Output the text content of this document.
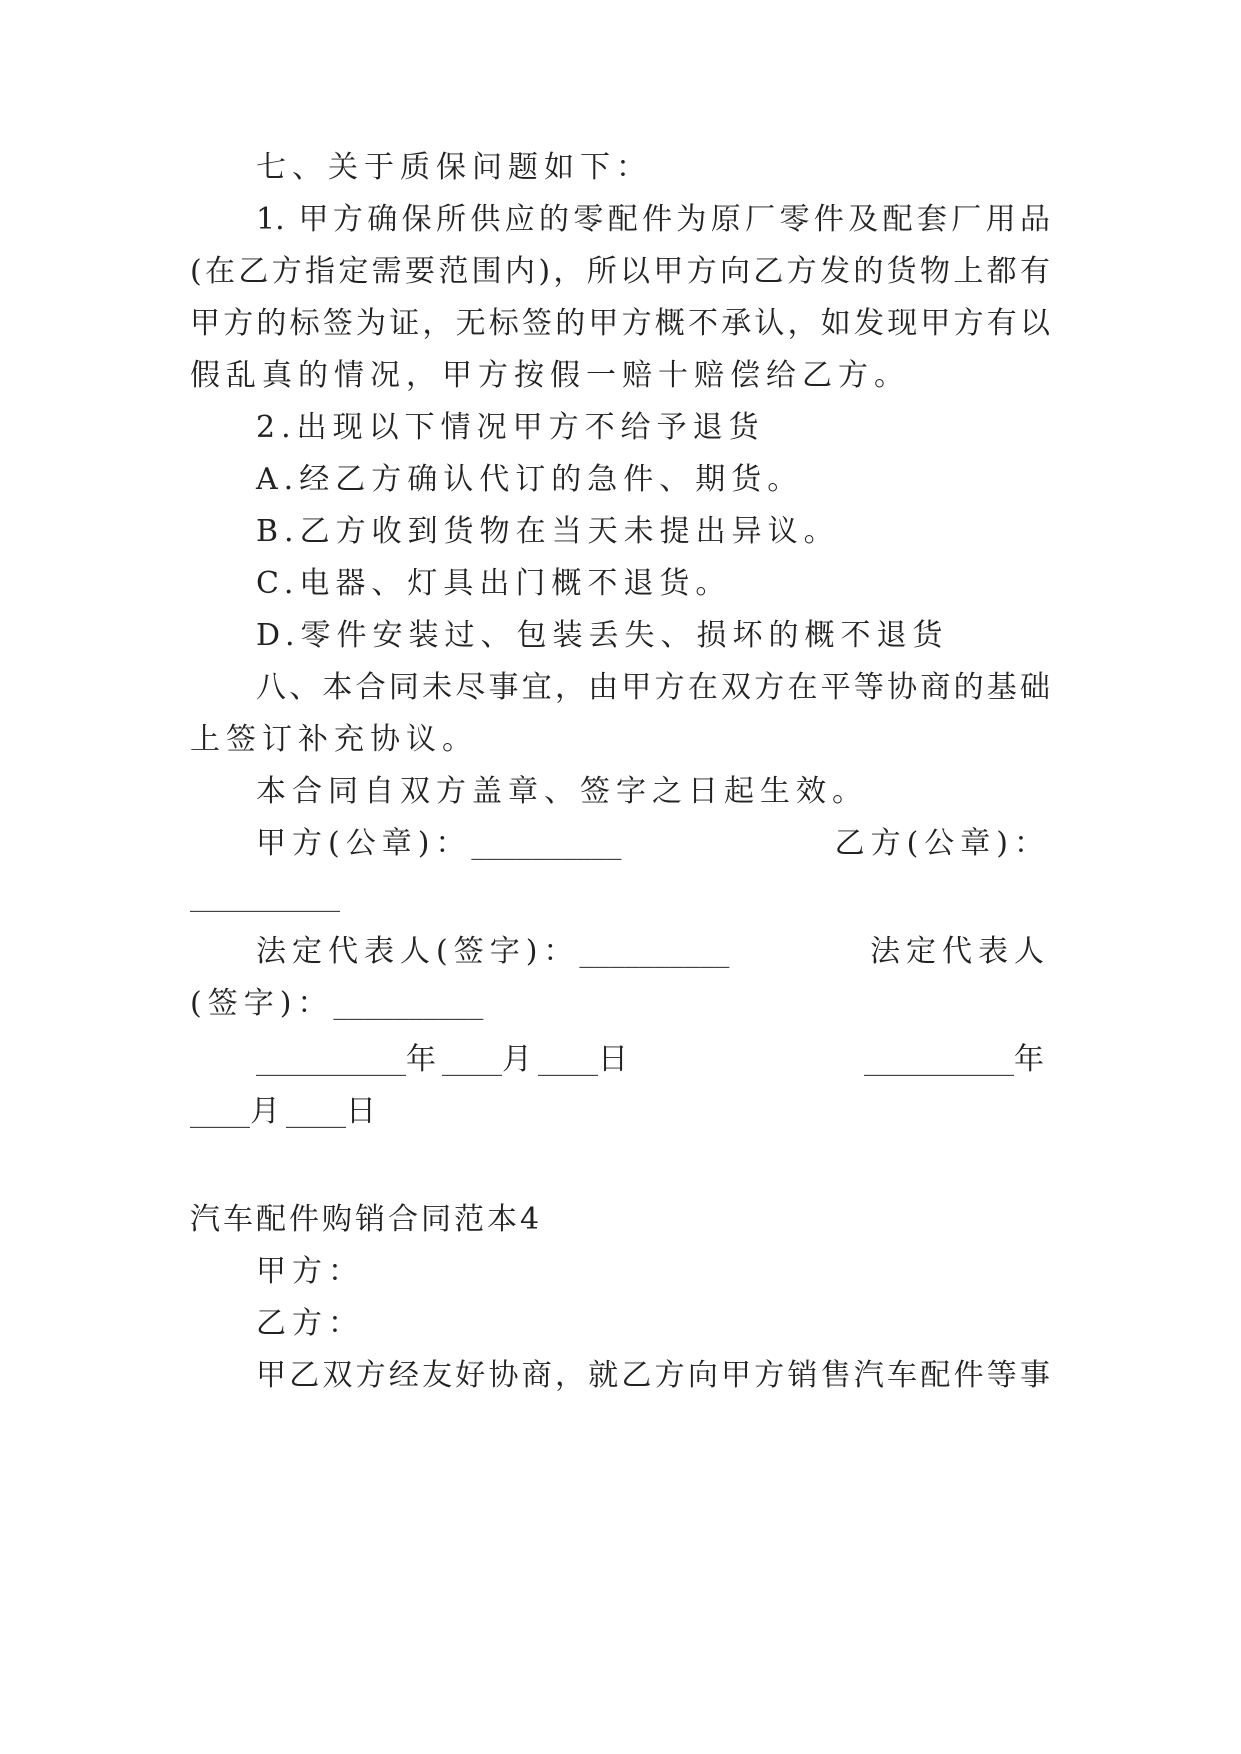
七、关于质保问题如下：
1. 甲方确保所供应的零配件为原厂零件及配套厂用品
(在乙方指定需要范围内)，所以甲方向乙方发的货物上都有
甲方的标签为证，无标签的甲方概不承认，如发现甲方有以
假乱真的情况，甲方按假一赔十赔偿给乙方。
2.出现以下情况甲方不给予退货
A.经乙方确认代订的急件、期货。
B.乙方收到货物在当天未提出异议。
C.电器、灯具出门概不退货。
D.零件安装过、包装丢失、损坏的概不退货
八、本合同未尽事宜，由甲方在双方在平等协商的基础
上签订补充协议。
本合同自双方盖章、签字之日起生效。
甲方(公章)：__________	乙方(公章)：
__________
法定代表人(签字)：__________	法定代表人
(签字)：__________
__________年____月____日	__________年
____月____日
汽车配件购销合同范本4
甲方：
乙方：
甲乙双方经友好协商，就乙方向甲方销售汽车配件等事
